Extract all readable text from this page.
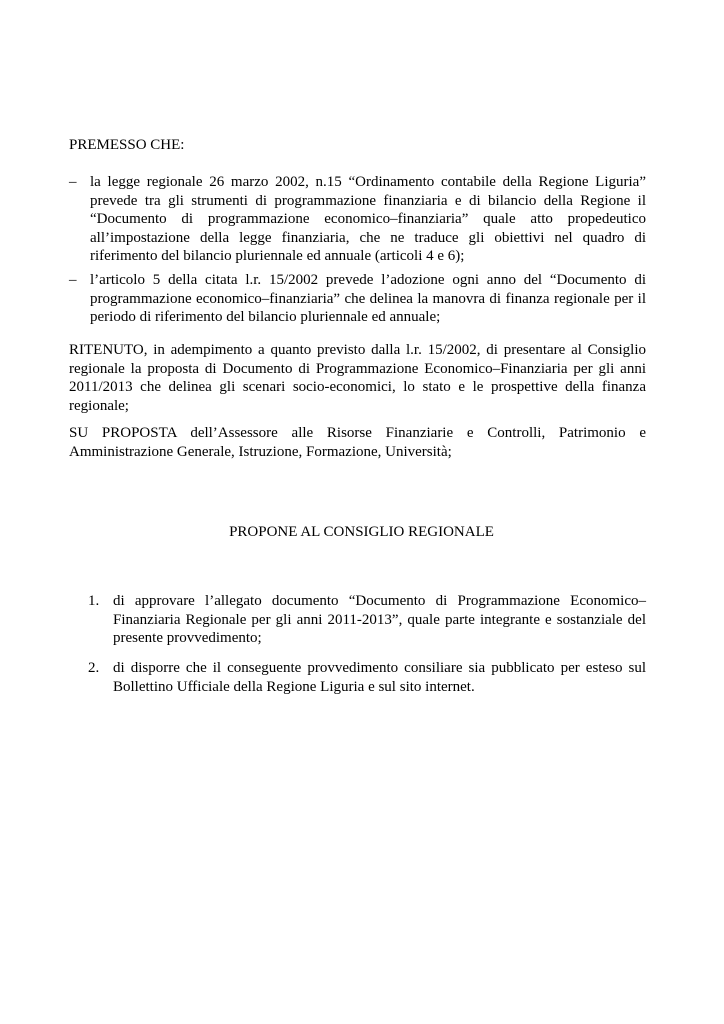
PREMESSO CHE:
– la legge regionale 26 marzo 2002, n.15 “Ordinamento contabile della Regione Liguria” prevede tra gli strumenti di programmazione finanziaria e di bilancio della Regione il “Documento di programmazione economico–finanziaria” quale atto propedeutico all’impostazione della legge finanziaria, che ne traduce gli obiettivi nel quadro di riferimento del bilancio pluriennale ed annuale (articoli 4 e 6);
– l’articolo 5 della citata l.r. 15/2002 prevede l’adozione ogni anno del “Documento di programmazione economico–finanziaria” che delinea la manovra di finanza regionale per il periodo di riferimento del bilancio pluriennale ed annuale;
RITENUTO, in adempimento a quanto previsto dalla l.r. 15/2002, di presentare al Consiglio regionale la proposta di Documento di Programmazione Economico–Finanziaria per gli anni 2011/2013 che delinea gli scenari socio-economici, lo stato e le prospettive della finanza regionale;
SU PROPOSTA dell’Assessore alle Risorse Finanziarie e Controlli, Patrimonio e Amministrazione Generale, Istruzione, Formazione, Università;
PROPONE AL CONSIGLIO REGIONALE
1. di approvare l’allegato documento “Documento di Programmazione Economico–Finanziaria Regionale per gli anni 2011-2013”, quale parte integrante e sostanziale del presente provvedimento;
2. di disporre che il conseguente provvedimento consiliare sia pubblicato per esteso sul Bollettino Ufficiale della Regione Liguria e sul sito internet.
